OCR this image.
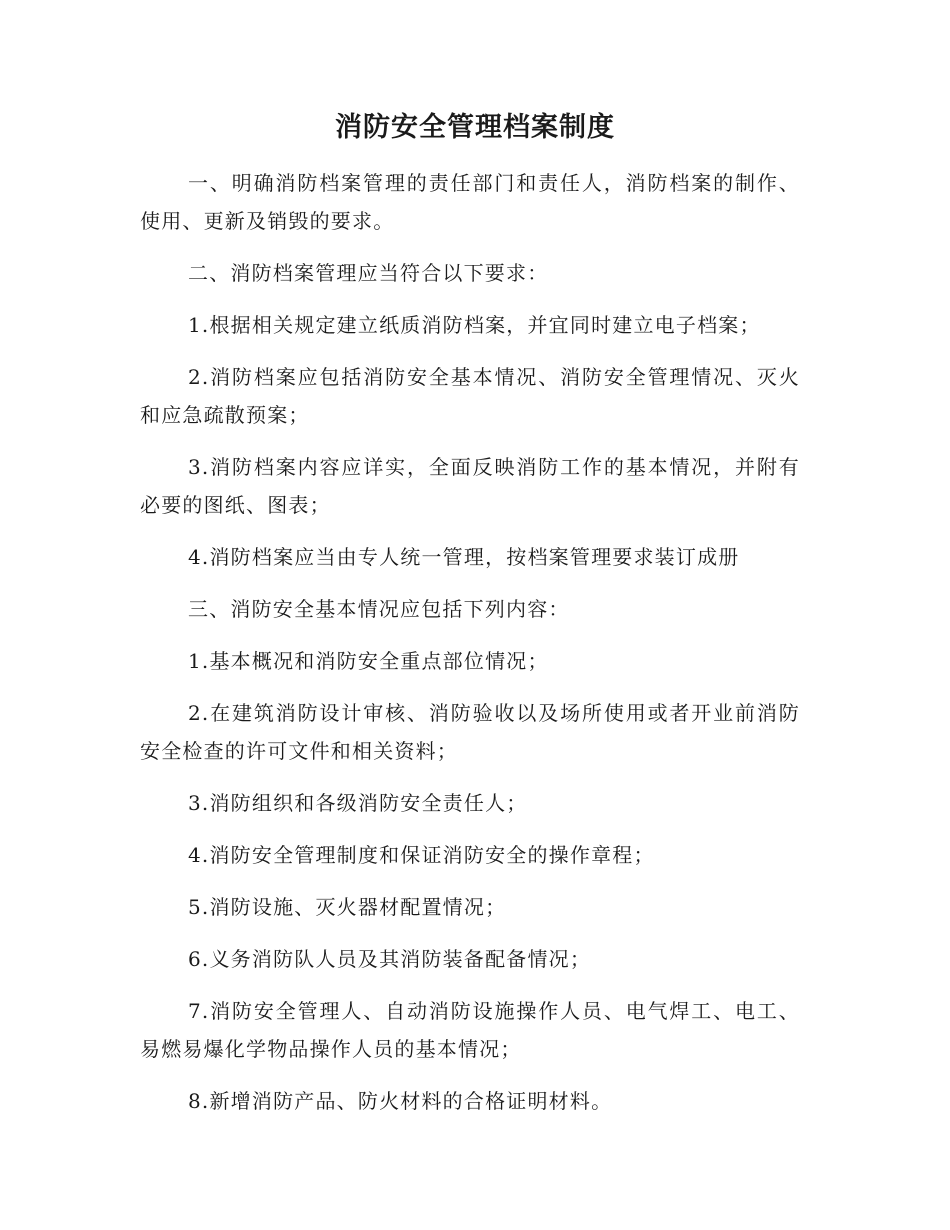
消防安全管理档案制度

一、明确消防档案管理的责任部门和责任人，消防档案的制作、使用、更新及销毁的要求。

二、消防档案管理应当符合以下要求：

1.根据相关规定建立纸质消防档案，并宜同时建立电子档案；

2.消防档案应包括消防安全基本情况、消防安全管理情况、灭火和应急疏散预案；

3.消防档案内容应详实，全面反映消防工作的基本情况，并附有必要的图纸、图表；

4.消防档案应当由专人统一管理，按档案管理要求装订成册

三、消防安全基本情况应包括下列内容：

1.基本概况和消防安全重点部位情况；

2.在建筑消防设计审核、消防验收以及场所使用或者开业前消防安全检查的许可文件和相关资料；

3.消防组织和各级消防安全责任人；

4.消防安全管理制度和保证消防安全的操作章程；

5.消防设施、灭火器材配置情况；

6.义务消防队人员及其消防装备配备情况；

7.消防安全管理人、自动消防设施操作人员、电气焊工、电工、易燃易爆化学物品操作人员的基本情况；

8.新增消防产品、防火材料的合格证明材料。
